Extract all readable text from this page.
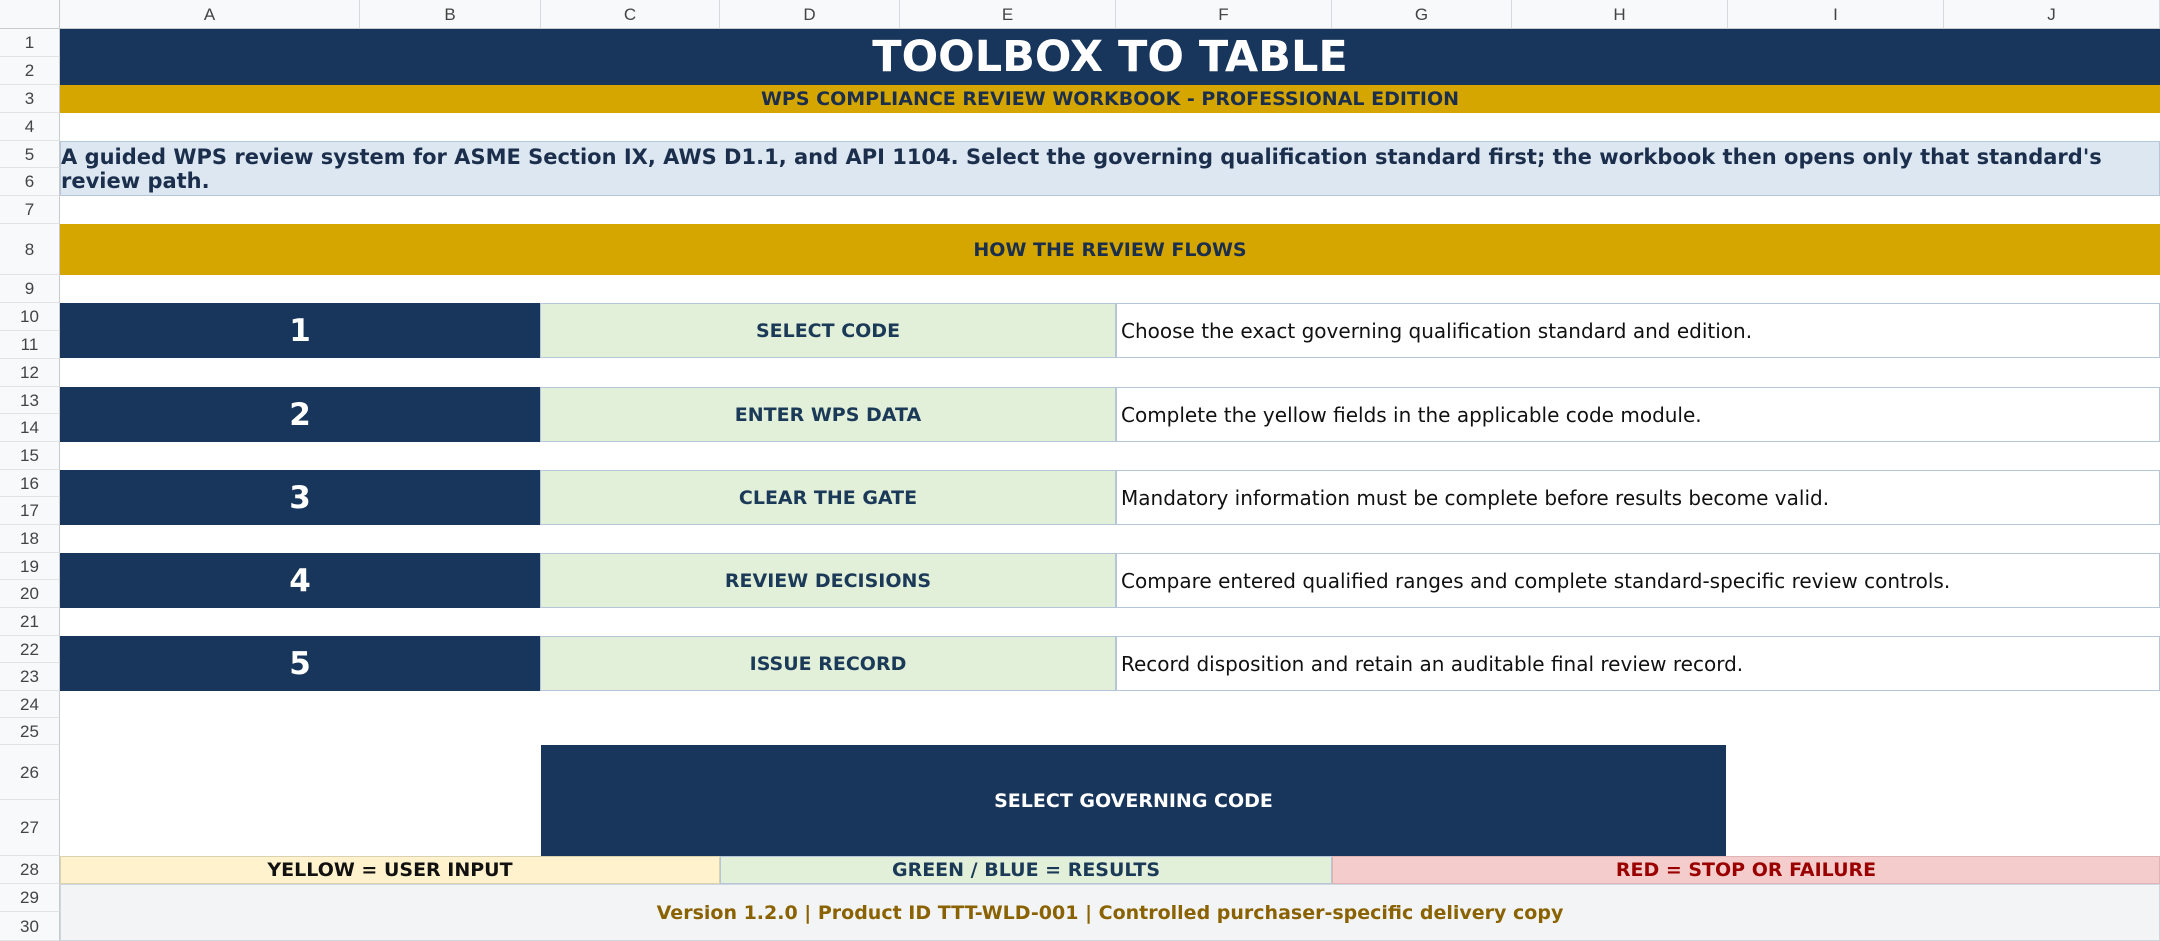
A	B	C	D	E	F	G	H	I	J
1
2
3
4
5
6
7
8
9
10
11
12
13
14
15
16
17
18
19
20
21
22
23
24
25
26
27
28
29
30
TOOLBOX TO TABLE
WPS COMPLIANCE REVIEW WORKBOOK - PROFESSIONAL EDITION
A guided WPS review system for ASME Section IX, AWS D1.1, and API 1104. Select the governing qualification standard first; the workbook then opens only that standard's review path.
HOW THE REVIEW FLOWS
1	SELECT CODE	Choose the exact governing qualification standard and edition.
2	ENTER WPS DATA	Complete the yellow fields in the applicable code module.
3	CLEAR THE GATE	Mandatory information must be complete before results become valid.
4	REVIEW DECISIONS	Compare entered qualified ranges and complete standard-specific review controls.
5	ISSUE RECORD	Record disposition and retain an auditable final review record.
SELECT GOVERNING CODE
YELLOW = USER INPUT	GREEN / BLUE = RESULTS	RED = STOP OR FAILURE
Version 1.2.0 | Product ID TTT-WLD-001 | Controlled purchaser-specific delivery copy
